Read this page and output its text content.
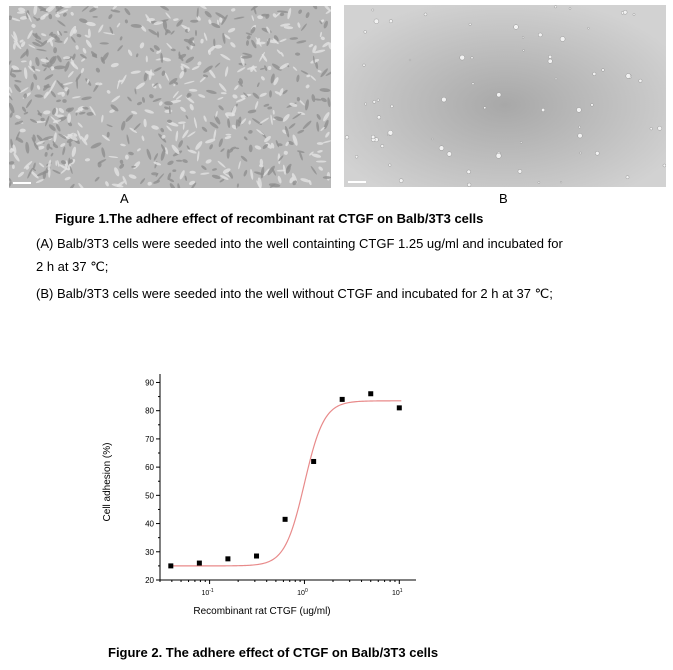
A	B
Figure 1.The adhere effect of recombinant rat CTGF on Balb/3T3 cells
(A) Balb/3T3 cells were seeded into the well containting CTGF 1.25 ug/ml and incubated for 2 h at 37 ℃;
(B) Balb/3T3 cells were seeded into the well without CTGF and incubated for 2 h at 37 ℃;
20
30
40
50
60
70
80
90
$10^{-1}$	$10^0$	$10^1$
Recombinant rat CTGF (ug/ml)
Cell adhesion (%)
Figure 2. The adhere effect of CTGF on Balb/3T3 cells
